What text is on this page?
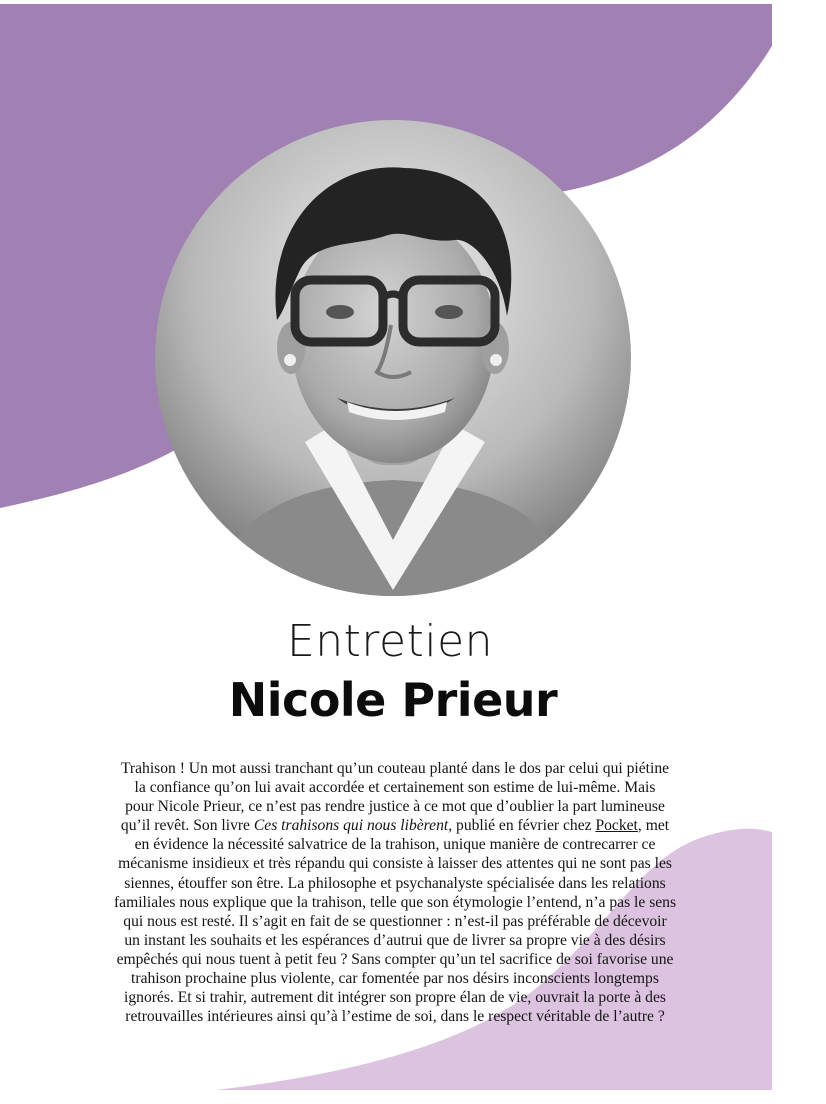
Entretien
Nicole Prieur
Trahison ! Un mot aussi tranchant qu’un couteau planté dans le dos par celui qui piétine
la confiance qu’on lui avait accordée et certainement son estime de lui-même. Mais
pour Nicole Prieur, ce n’est pas rendre justice à ce mot que d’oublier la part lumineuse
qu’il revêt. Son livre Ces trahisons qui nous libèrent, publié en février chez Pocket, met
en évidence la nécessité salvatrice de la trahison, unique manière de contrecarrer ce
mécanisme insidieux et très répandu qui consiste à laisser des attentes qui ne sont pas les
siennes, étouffer son être. La philosophe et psychanalyste spécialisée dans les relations
familiales nous explique que la trahison, telle que son étymologie l’entend, n’a pas le sens
qui nous est resté. Il s’agit en fait de se questionner : n’est-il pas préférable de décevoir
un instant les souhaits et les espérances d’autrui que de livrer sa propre vie à des désirs
empêchés qui nous tuent à petit feu ? Sans compter qu’un tel sacrifice de soi favorise une
trahison prochaine plus violente, car fomentée par nos désirs inconscients longtemps
ignorés. Et si trahir, autrement dit intégrer son propre élan de vie, ouvrait la porte à des
retrouvailles intérieures ainsi qu’à l’estime de soi, dans le respect véritable de l’autre ?
